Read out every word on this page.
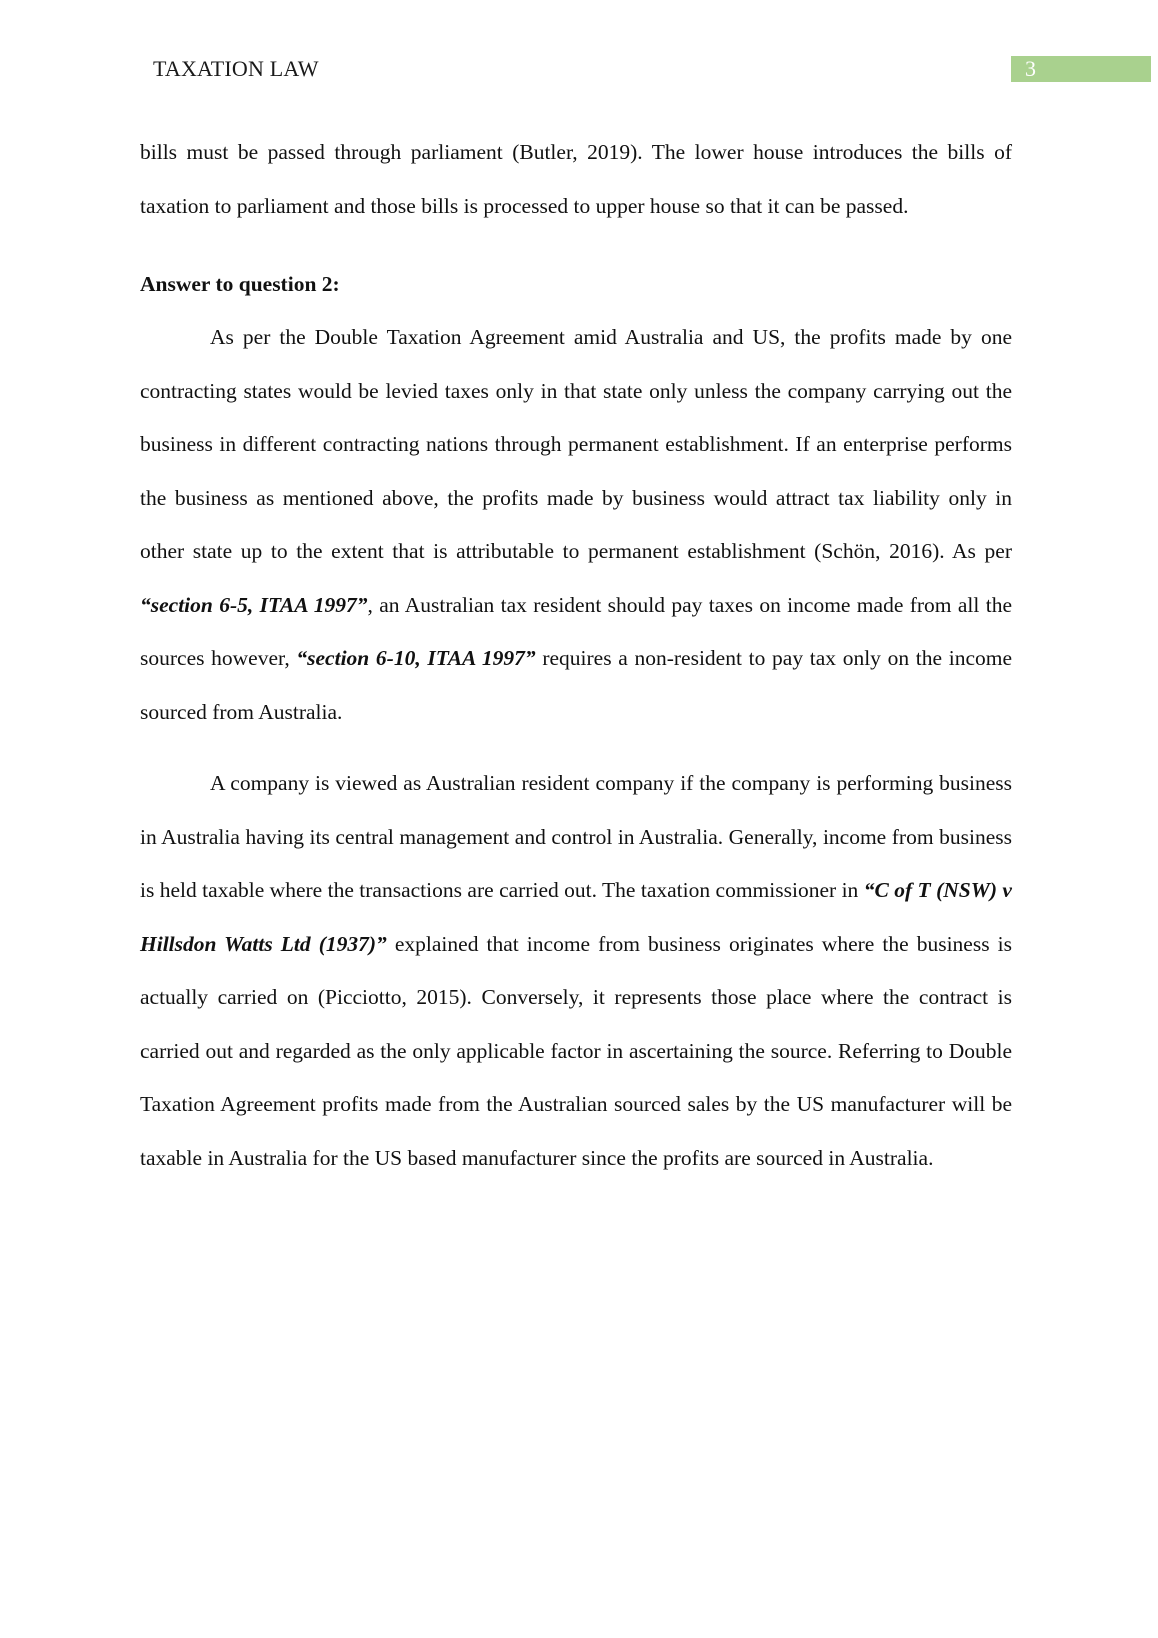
TAXATION LAW	3

bills must be passed through parliament (Butler, 2019). The lower house introduces the bills of taxation to parliament and those bills is processed to upper house so that it can be passed.

Answer to question 2:

As per the Double Taxation Agreement amid Australia and US, the profits made by one contracting states would be levied taxes only in that state only unless the company carrying out the business in different contracting nations through permanent establishment. If an enterprise performs the business as mentioned above, the profits made by business would attract tax liability only in other state up to the extent that is attributable to permanent establishment (Schön, 2016). As per “section 6-5, ITAA 1997”, an Australian tax resident should pay taxes on income made from all the sources however, “section 6-10, ITAA 1997” requires a non-resident to pay tax only on the income sourced from Australia.

A company is viewed as Australian resident company if the company is performing business in Australia having its central management and control in Australia. Generally, income from business is held taxable where the transactions are carried out. The taxation commissioner in “C of T (NSW) v Hillsdon Watts Ltd (1937)” explained that income from business originates where the business is actually carried on (Picciotto, 2015). Conversely, it represents those place where the contract is carried out and regarded as the only applicable factor in ascertaining the source. Referring to Double Taxation Agreement profits made from the Australian sourced sales by the US manufacturer will be taxable in Australia for the US based manufacturer since the profits are sourced in Australia.
